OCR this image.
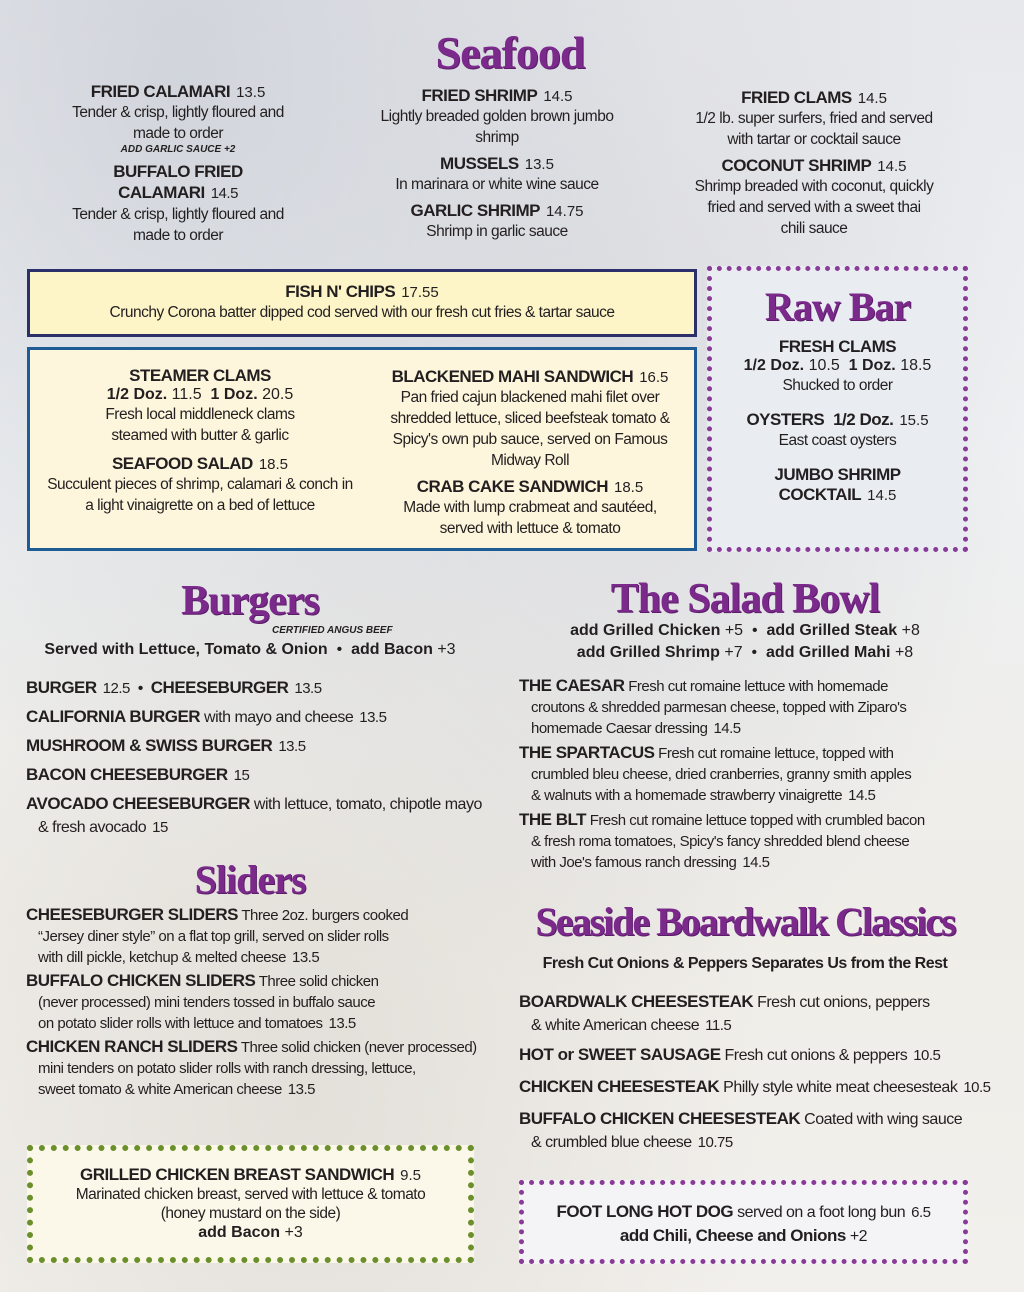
Seafood
FRIED CALAMARI 13.5
Tender & crisp, lightly floured and made to order
ADD GARLIC SAUCE +2
BUFFALO FRIED CALAMARI 14.5
Tender & crisp, lightly floured and made to order
FRIED SHRIMP 14.5
Lightly breaded golden brown jumbo shrimp
MUSSELS 13.5
In marinara or white wine sauce
GARLIC SHRIMP 14.75
Shrimp in garlic sauce
FRIED CLAMS 14.5
1/2 lb. super surfers, fried and served with tartar or cocktail sauce
COCONUT SHRIMP 14.5
Shrimp breaded with coconut, quickly fried and served with a sweet thai chili sauce
FISH N' CHIPS 17.55
Crunchy Corona batter dipped cod served with our fresh cut fries & tartar sauce
STEAMER CLAMS
1/2 Doz. 11.5 1 Doz. 20.5
Fresh local middleneck clams steamed with butter & garlic
SEAFOOD SALAD 18.5
Succulent pieces of shrimp, calamari & conch in a light vinaigrette on a bed of lettuce
BLACKENED MAHI SANDWICH 16.5
Pan fried cajun blackened mahi filet over shredded lettuce, sliced beefsteak tomato & Spicy's own pub sauce, served on Famous Midway Roll
CRAB CAKE SANDWICH 18.5
Made with lump crabmeat and sautéed, served with lettuce & tomato
Raw Bar
FRESH CLAMS
1/2 Doz. 10.5 1 Doz. 18.5
Shucked to order
OYSTERS 1/2 Doz. 15.5
East coast oysters
JUMBO SHRIMP
COCKTAIL 14.5
Burgers
CERTIFIED ANGUS BEEF
Served with Lettuce, Tomato & Onion • add Bacon +3
BURGER 12.5 • CHEESEBURGER 13.5
CALIFORNIA BURGER with mayo and cheese 13.5
MUSHROOM & SWISS BURGER 13.5
BACON CHEESEBURGER 15
AVOCADO CHEESEBURGER with lettuce, tomato, chipotle mayo
& fresh avocado 15
Sliders
CHEESEBURGER SLIDERS Three 2oz. burgers cooked
“Jersey diner style” on a flat top grill, served on slider rolls
with dill pickle, ketchup & melted cheese 13.5
BUFFALO CHICKEN SLIDERS Three solid chicken
(never processed) mini tenders tossed in buffalo sauce
on potato slider rolls with lettuce and tomatoes 13.5
CHICKEN RANCH SLIDERS Three solid chicken (never processed)
mini tenders on potato slider rolls with ranch dressing, lettuce,
sweet tomato & white American cheese 13.5
GRILLED CHICKEN BREAST SANDWICH 9.5
Marinated chicken breast, served with lettuce & tomato
(honey mustard on the side)
add Bacon +3
The Salad Bowl
add Grilled Chicken +5 • add Grilled Steak +8
add Grilled Shrimp +7 • add Grilled Mahi +8
THE CAESAR Fresh cut romaine lettuce with homemade
croutons & shredded parmesan cheese, topped with Ziparo's
homemade Caesar dressing 14.5
THE SPARTACUS Fresh cut romaine lettuce, topped with
crumbled bleu cheese, dried cranberries, granny smith apples
& walnuts with a homemade strawberry vinaigrette 14.5
THE BLT Fresh cut romaine lettuce topped with crumbled bacon
& fresh roma tomatoes, Spicy's fancy shredded blend cheese
with Joe's famous ranch dressing 14.5
Seaside Boardwalk Classics
Fresh Cut Onions & Peppers Separates Us from the Rest
BOARDWALK CHEESESTEAK Fresh cut onions, peppers
& white American cheese 11.5
HOT or SWEET SAUSAGE Fresh cut onions & peppers 10.5
CHICKEN CHEESESTEAK Philly style white meat cheesesteak 10.5
BUFFALO CHICKEN CHEESESTEAK Coated with wing sauce
& crumbled blue cheese 10.75
FOOT LONG HOT DOG served on a foot long bun 6.5
add Chili, Cheese and Onions +2
